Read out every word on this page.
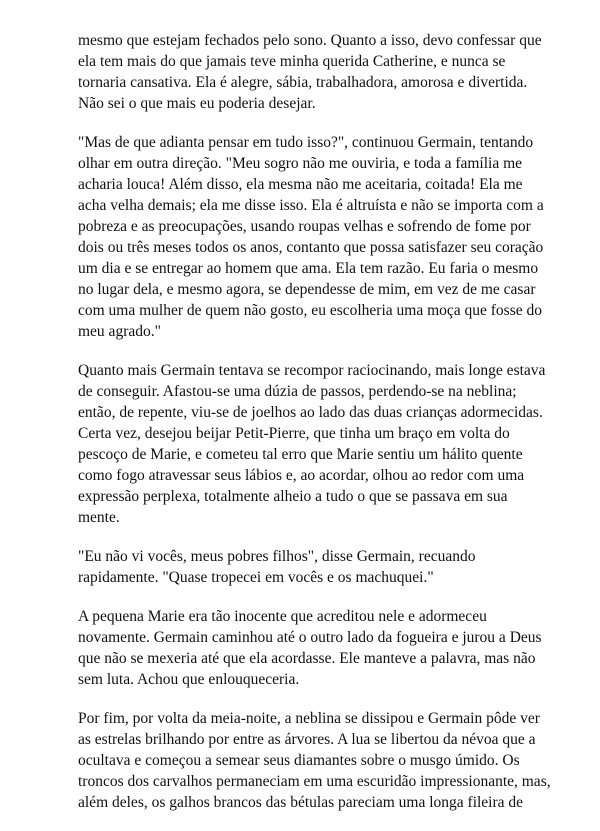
mesmo que estejam fechados pelo sono. Quanto a isso, devo confessar que
ela tem mais do que jamais teve minha querida Catherine, e nunca se
tornaria cansativa. Ela é alegre, sábia, trabalhadora, amorosa e divertida.
Não sei o que mais eu poderia desejar.

"Mas de que adianta pensar em tudo isso?", continuou Germain, tentando
olhar em outra direção. "Meu sogro não me ouviria, e toda a família me
acharia louca! Além disso, ela mesma não me aceitaria, coitada! Ela me
acha velha demais; ela me disse isso. Ela é altruísta e não se importa com a
pobreza e as preocupações, usando roupas velhas e sofrendo de fome por
dois ou três meses todos os anos, contanto que possa satisfazer seu coração
um dia e se entregar ao homem que ama. Ela tem razão. Eu faria o mesmo
no lugar dela, e mesmo agora, se dependesse de mim, em vez de me casar
com uma mulher de quem não gosto, eu escolheria uma moça que fosse do
meu agrado."

Quanto mais Germain tentava se recompor raciocinando, mais longe estava
de conseguir. Afastou-se uma dúzia de passos, perdendo-se na neblina;
então, de repente, viu-se de joelhos ao lado das duas crianças adormecidas.
Certa vez, desejou beijar Petit-Pierre, que tinha um braço em volta do
pescoço de Marie, e cometeu tal erro que Marie sentiu um hálito quente
como fogo atravessar seus lábios e, ao acordar, olhou ao redor com uma
expressão perplexa, totalmente alheio a tudo o que se passava em sua
mente.

"Eu não vi vocês, meus pobres filhos", disse Germain, recuando
rapidamente. "Quase tropecei em vocês e os machuquei."

A pequena Marie era tão inocente que acreditou nele e adormeceu
novamente. Germain caminhou até o outro lado da fogueira e jurou a Deus
que não se mexeria até que ela acordasse. Ele manteve a palavra, mas não
sem luta. Achou que enlouqueceria.

Por fim, por volta da meia-noite, a neblina se dissipou e Germain pôde ver
as estrelas brilhando por entre as árvores. A lua se libertou da névoa que a
ocultava e começou a semear seus diamantes sobre o musgo úmido. Os
troncos dos carvalhos permaneciam em uma escuridão impressionante, mas,
além deles, os galhos brancos das bétulas pareciam uma longa fileira de
